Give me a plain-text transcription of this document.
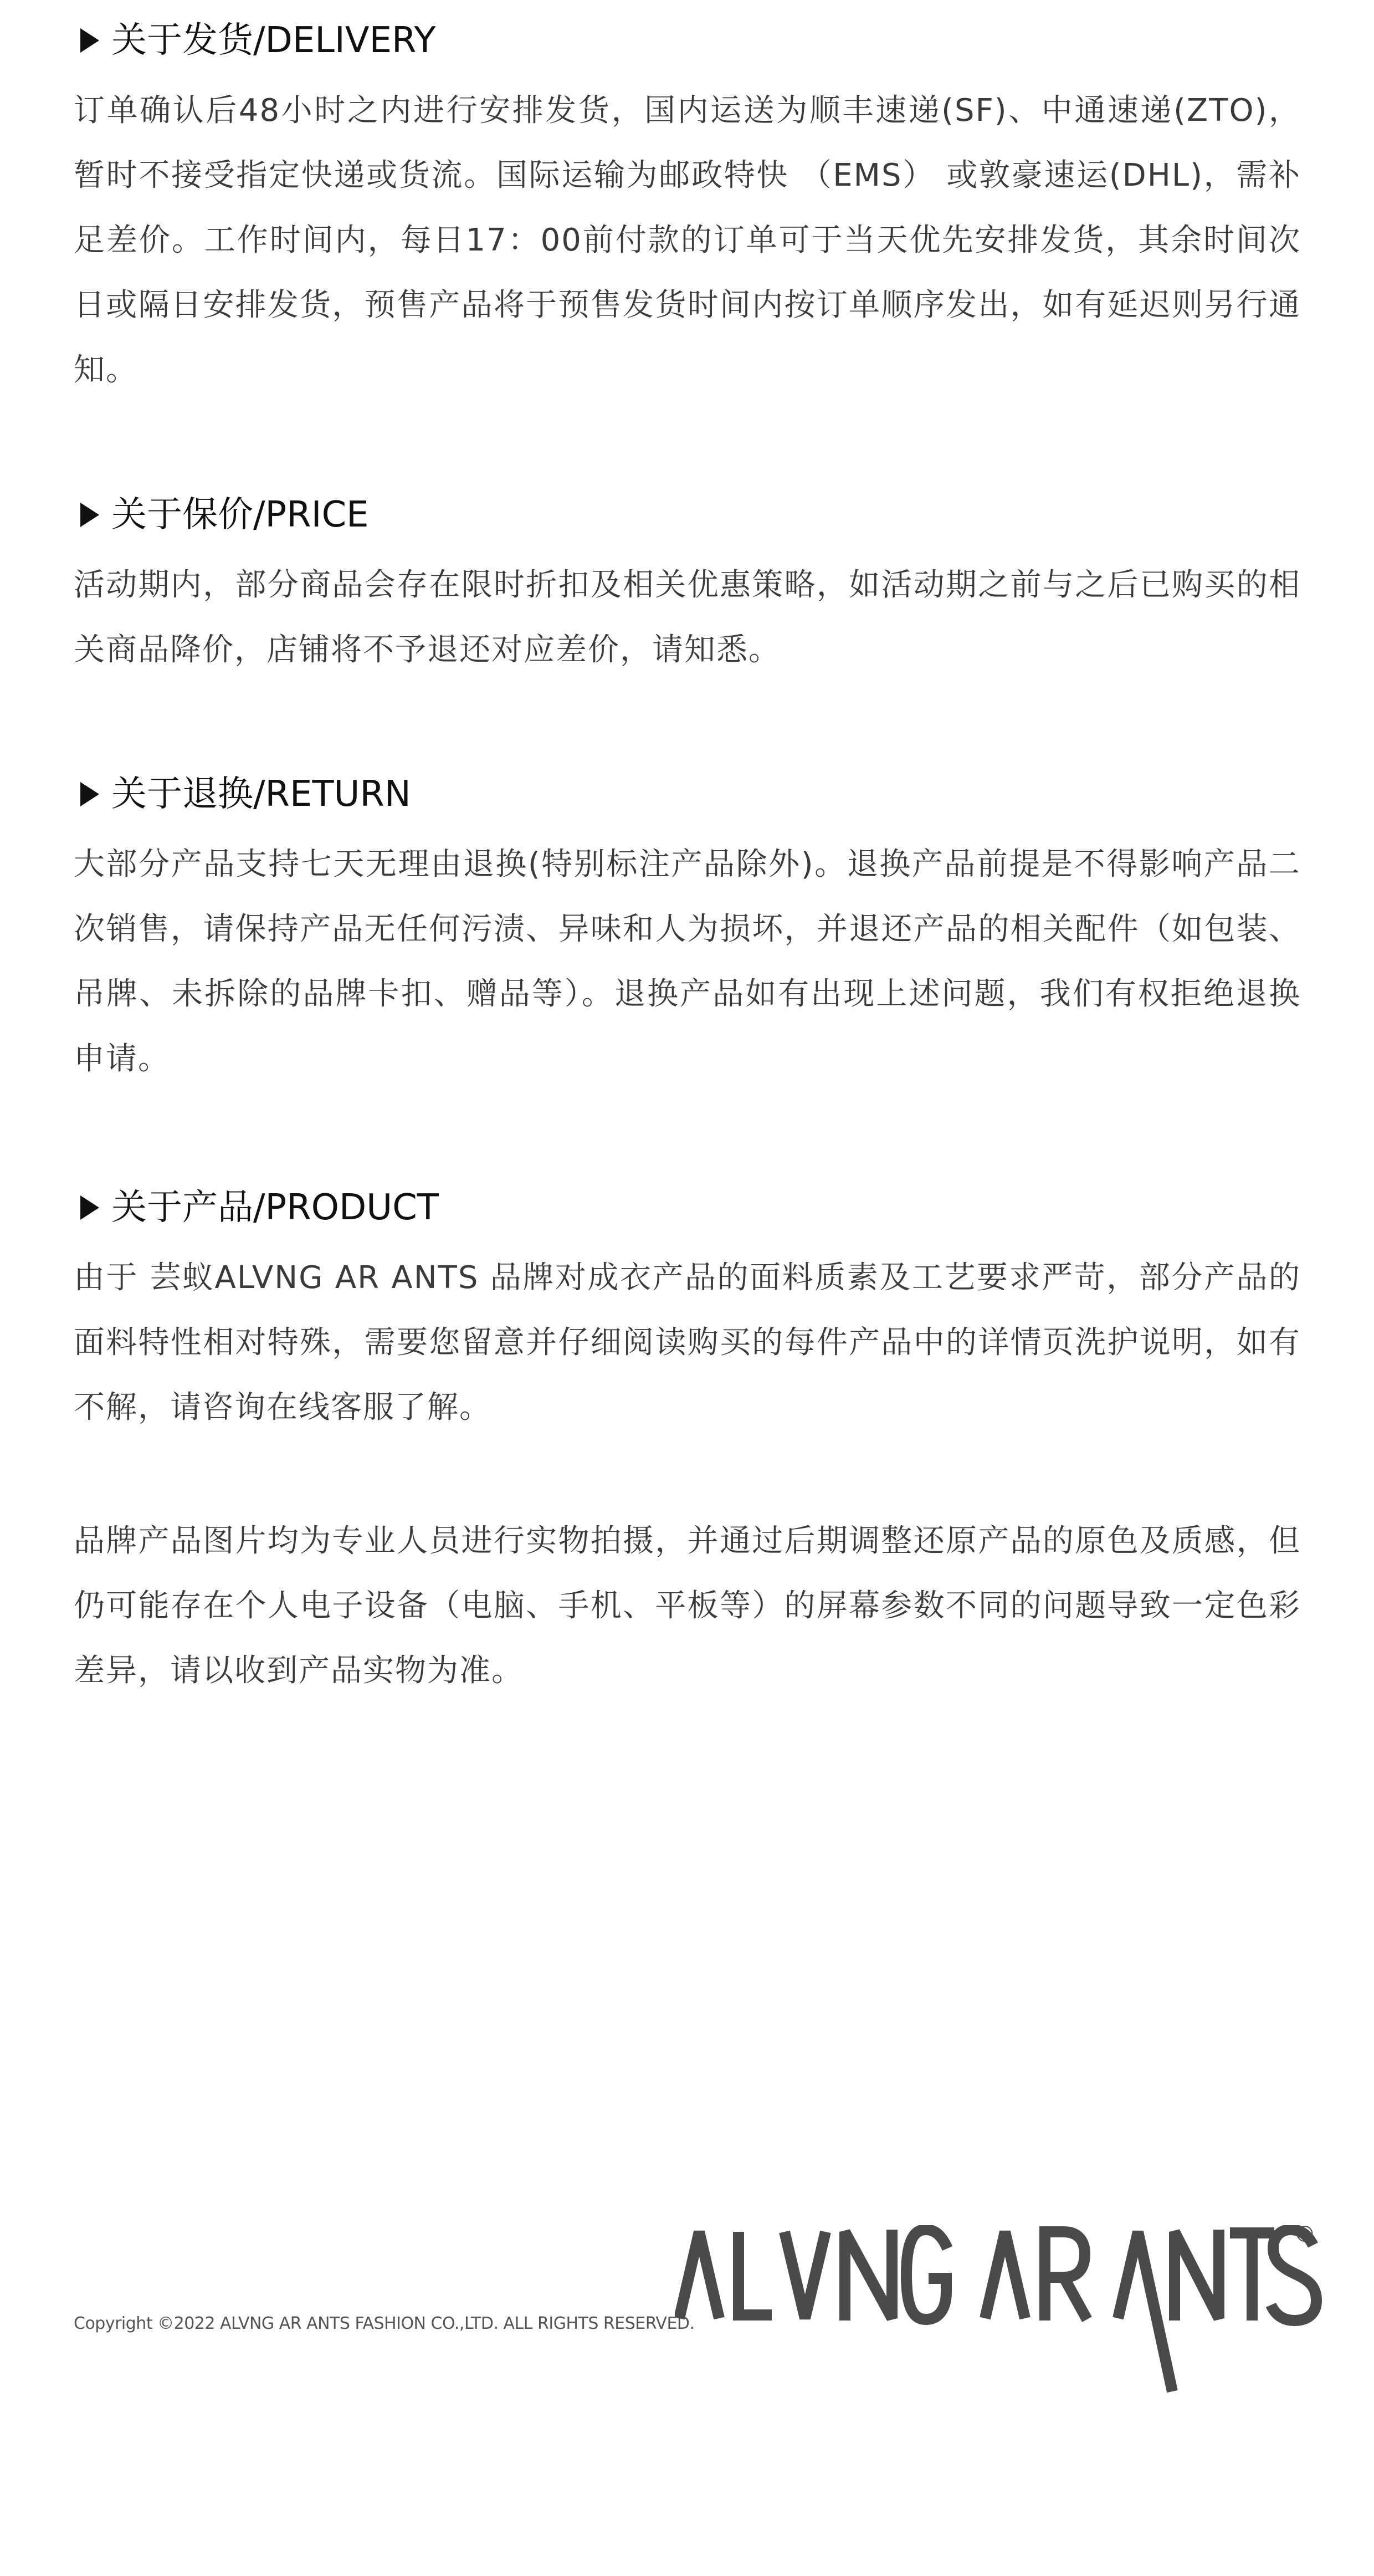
关于发货/DELIVERY

订单确认后48小时之内进行安排发货，国内运送为顺丰速递(SF)、中通速递(ZTO)，暂时不接受指定快递或货流。国际运输为邮政特快 （EMS） 或敦豪速运(DHL)，需补足差价。工作时间内，每日17：00前付款的订单可于当天优先安排发货，其余时间次日或隔日安排发货，预售产品将于预售发货时间内按订单顺序发出，如有延迟则另行通知。

关于保价/PRICE

活动期内，部分商品会存在限时折扣及相关优惠策略，如活动期之前与之后已购买的相关商品降价，店铺将不予退还对应差价，请知悉。

关于退换/RETURN

大部分产品支持七天无理由退换(特别标注产品除外)。退换产品前提是不得影响产品二次销售，请保持产品无任何污渍、异味和人为损坏，并退还产品的相关配件（如包装、吊牌、未拆除的品牌卡扣、赠品等）。退换产品如有出现上述问题，我们有权拒绝退换申请。

关于产品/PRODUCT

由于 芸蚁ALVNG AR ANTS 品牌对成衣产品的面料质素及工艺要求严苛，部分产品的面料特性相对特殊，需要您留意并仔细阅读购买的每件产品中的详情页洗护说明，如有不解，请咨询在线客服了解。

品牌产品图片均为专业人员进行实物拍摄，并通过后期调整还原产品的原色及质感，但仍可能存在个人电子设备（电脑、手机、平板等）的屏幕参数不同的问题导致一定色彩差异，请以收到产品实物为准。

Copyright ©2022 ALVNG AR ANTS FASHION CO.,LTD. ALL RIGHTS RESERVED.
®
